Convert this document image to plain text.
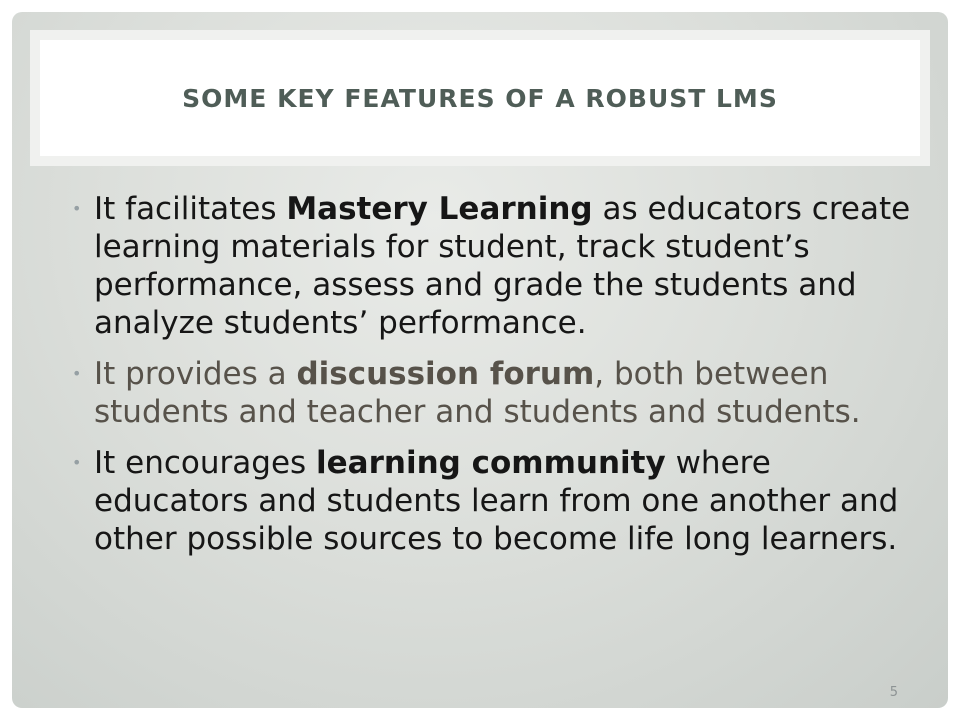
SOME KEY FEATURES OF A ROBUST LMS
• It facilitates Mastery Learning as educators create learning materials for student, track student’s performance, assess and grade the students and analyze students’ performance.
• It provides a discussion forum, both between students and teacher and students and students.
• It encourages learning community where educators and students learn from one another and other possible sources to become life long learners.
5
